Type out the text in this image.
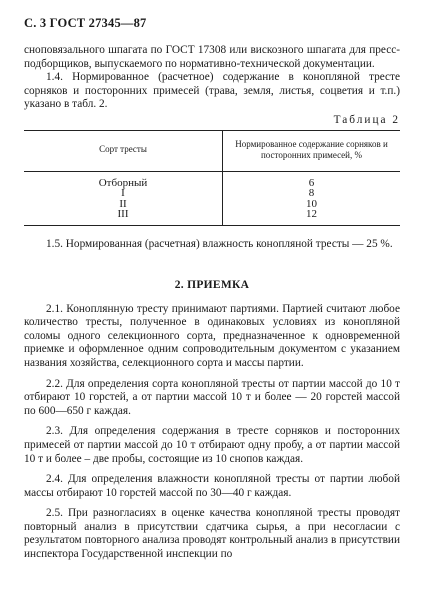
С. 3 ГОСТ 27345—87

сноповязального шпагата по ГОСТ 17308 или вискозного шпагата для пресс-подборщиков, выпускаемого по нормативно-технической документации.

1.4. Нормированное (расчетное) содержание в конопляной тресте сорняков и посторонних примесей (трава, земля, листья, соцветия и т.п.) указано в табл. 2.

Таблица 2
Сорт тресты	Нормированное содержание сорняков и посторонних примесей, %
Отборный	6
I	8
II	10
III	12

1.5. Нормированная (расчетная) влажность конопляной тресты — 25 %.

2. ПРИЕМКА

2.1. Коноплянную тресту принимают партиями. Партией считают любое количество тресты, полученное в одинаковых условиях из конопляной соломы одного селекционного сорта, предназначенное к одновременной приемке и оформленное одним сопроводительным документом с указанием названия хозяйства, селекционного сорта и массы партии.

2.2. Для определения сорта конопляной тресты от партии массой до 10 т отбирают 10 горстей, а от партии массой 10 т и более — 20 горстей массой по 600—650 г каждая.

2.3. Для определения содержания в тресте сорняков и посторонних примесей от партии массой до 10 т отбирают одну пробу, а от партии массой 10 т и более – две пробы, состоящие из 10 снопов каждая.

2.4. Для определения влажности конопляной тресты от партии любой массы отбирают 10 горстей массой по 30—40 г каждая.

2.5. При разногласиях в оценке качества конопляной тресты проводят повторный анализ в присутствии сдатчика сырья, а при несогласии с результатом повторного анализа проводят контрольный анализ в присутствии инспектора Государственной инспекции по
